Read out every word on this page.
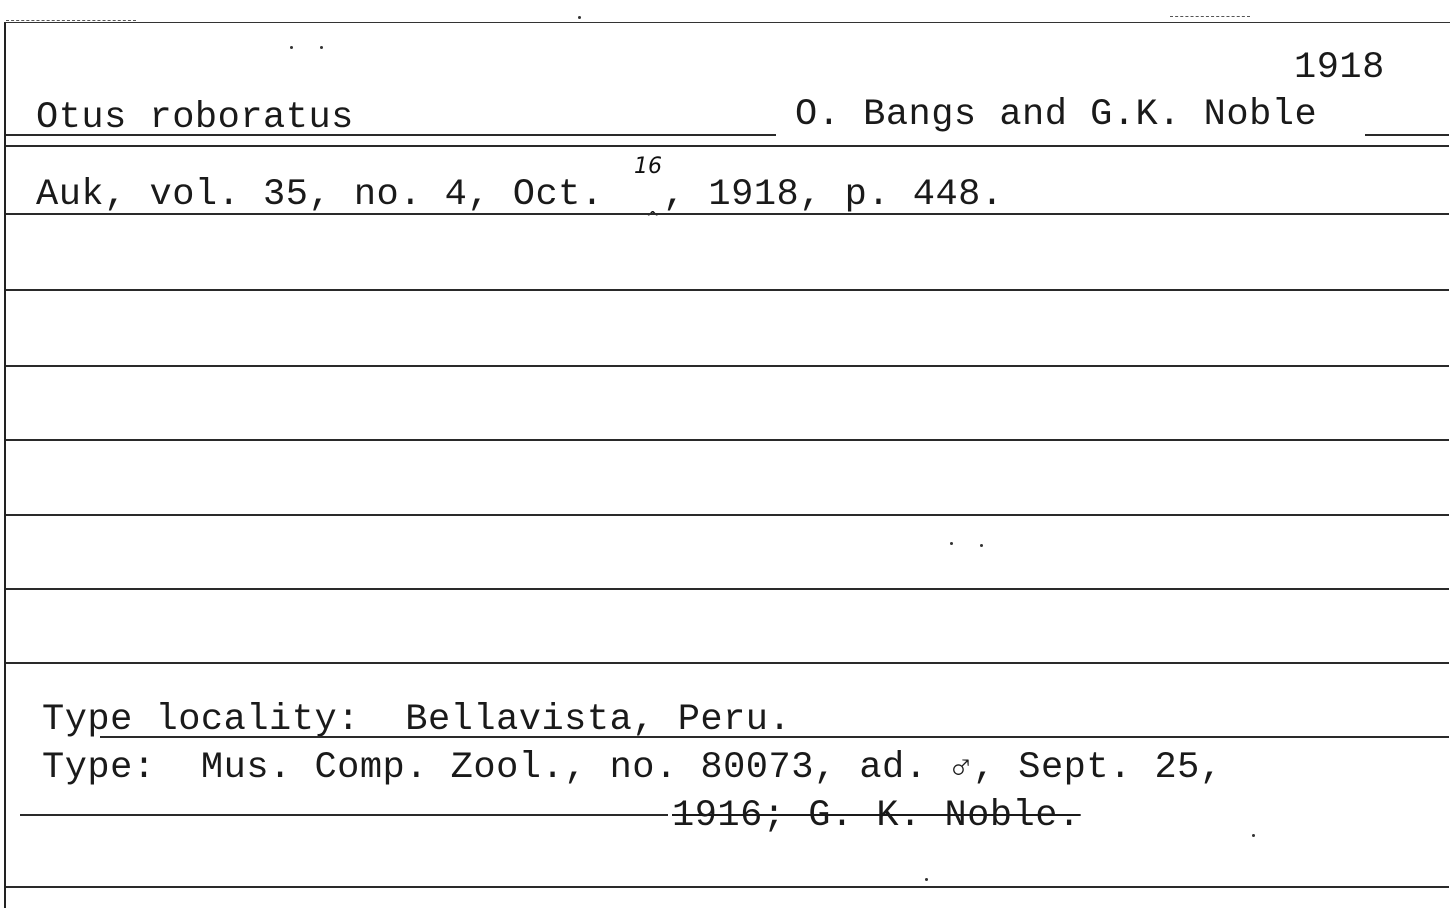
1918
Otus roboratus	O. Bangs and G.K. Noble
Auk, vol. 35, no. 4, Oct. , 1918, p. 448.
16
^
Type locality:  Bellavista, Peru.
Type:  Mus. Comp. Zool., no. 80073, ad. ♂, Sept. 25,
1916; G. K. Noble.
